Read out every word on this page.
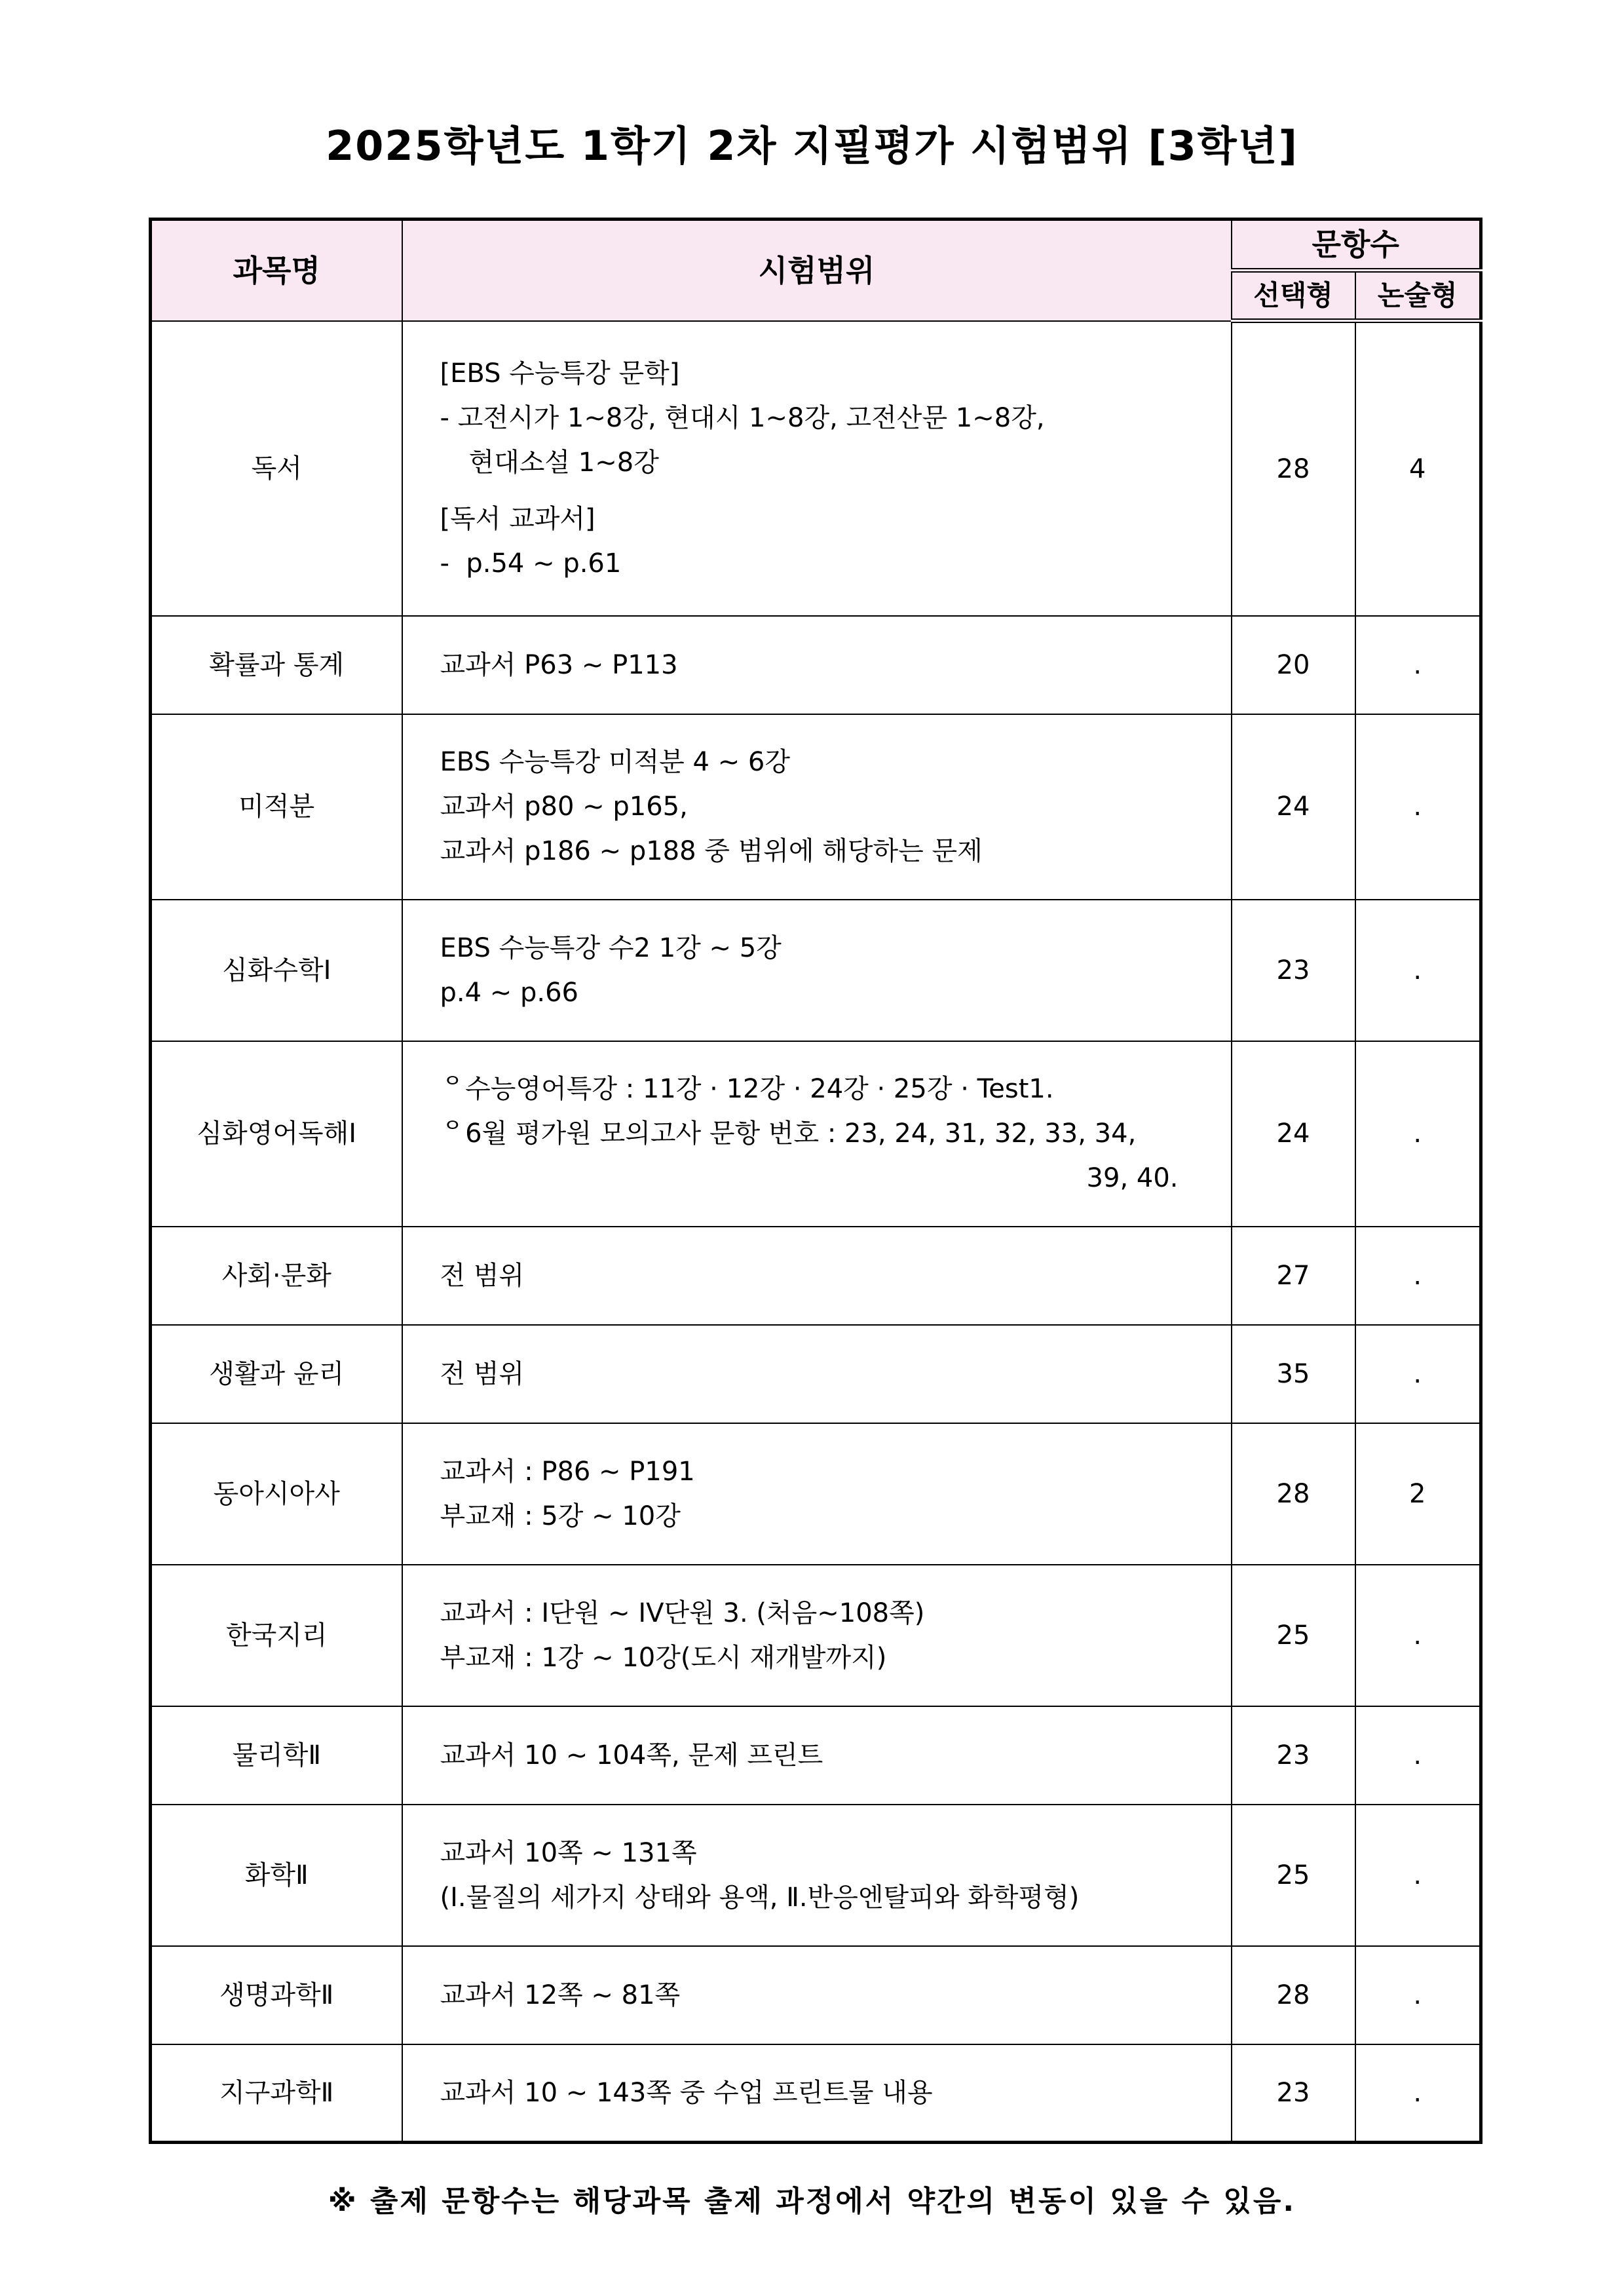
2025학년도 1학기 2차 지필평가 시험범위 [3학년]
과목명	시험범위	문항수	
		선택형	논술형
독서	[EBS 수능특강 문학]
- 고전시가 1~8강, 현대시 1~8강, 고전산문 1~8강,
현대소설 1~8강
[독서 교과서]
-  p.54 ~ p.61	28	4
확률과 통계	교과서 P63 ~ P113	20	.
미적분	EBS 수능특강 미적분 4 ~ 6강
교과서 p80 ~ p165,
교과서 p186 ~ p188 중 범위에 해당하는 문제	24	.
심화수학Ⅰ	EBS 수능특강 수2 1강 ~ 5강
p.4 ~ p.66	23	.
심화영어독해Ⅰ	ᄋ수능영어특강 : 11강 · 12강 · 24강 · 25강 · Test1.
ᄋ6월 평가원 모의고사 문항 번호 : 23, 24, 31, 32, 33, 34,
39, 40.	24	.
사회·문화	전 범위	27	.
생활과 윤리	전 범위	35	.
동아시아사	교과서 : P86 ~ P191
부교재 : 5강 ~ 10강	28	2
한국지리	교과서 : I단원 ~ IV단원 3. (처음~108쪽)
부교재 : 1강 ~ 10강(도시 재개발까지)	25	.
물리학Ⅱ	교과서 10 ~ 104쪽, 문제 프린트	23	.
화학Ⅱ	교과서 10쪽 ~ 131쪽
(Ⅰ.물질의 세가지 상태와 용액, Ⅱ.반응엔탈피와 화학평형)	25	.
생명과학Ⅱ	교과서 12쪽 ~ 81쪽	28	.
지구과학Ⅱ	교과서 10 ~ 143쪽 중 수업 프린트물 내용	23	.
※ 출제 문항수는 해당과목 출제 과정에서 약간의 변동이 있을 수 있음.
